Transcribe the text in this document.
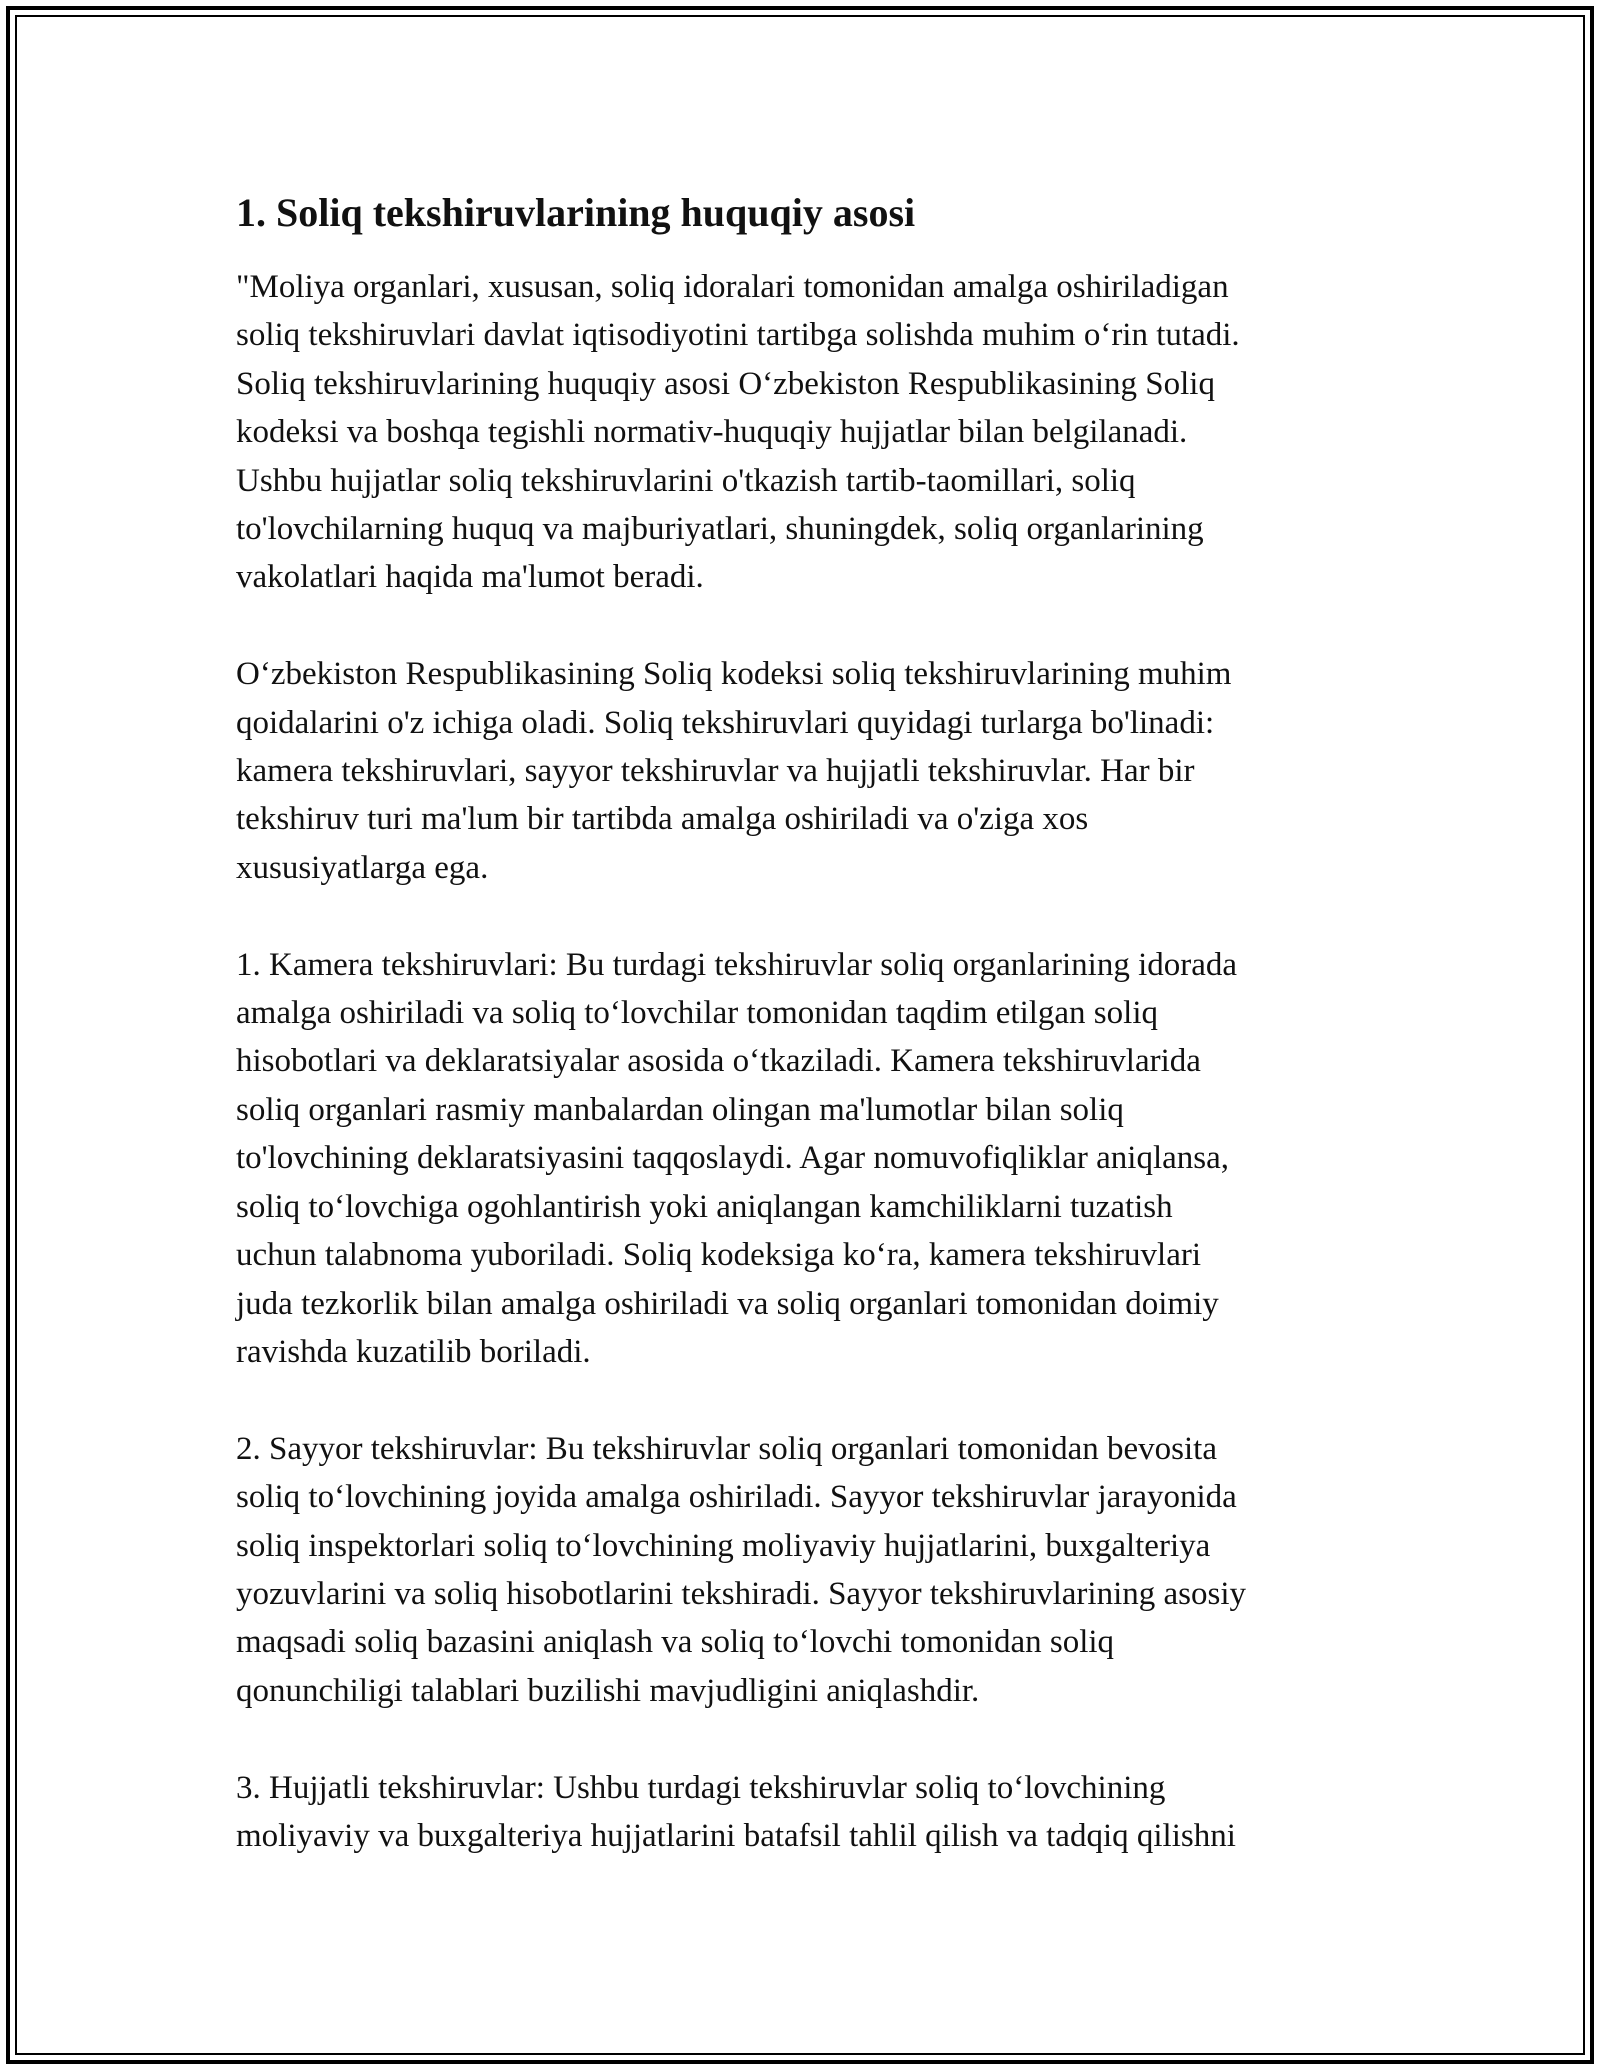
1. Soliq tekshiruvlarining huquqiy asosi

"Moliya organlari, xususan, soliq idoralari tomonidan amalga oshiriladigan
soliq tekshiruvlari davlat iqtisodiyotini tartibga solishda muhim o‘rin tutadi.
Soliq tekshiruvlarining huquqiy asosi O‘zbekiston Respublikasining Soliq
kodeksi va boshqa tegishli normativ-huquqiy hujjatlar bilan belgilanadi.
Ushbu hujjatlar soliq tekshiruvlarini o'tkazish tartib-taomillari, soliq
to'lovchilarning huquq va majburiyatlari, shuningdek, soliq organlarining
vakolatlari haqida ma'lumot beradi.

O‘zbekiston Respublikasining Soliq kodeksi soliq tekshiruvlarining muhim
qoidalarini o'z ichiga oladi. Soliq tekshiruvlari quyidagi turlarga bo'linadi:
kamera tekshiruvlari, sayyor tekshiruvlar va hujjatli tekshiruvlar. Har bir
tekshiruv turi ma'lum bir tartibda amalga oshiriladi va o'ziga xos
xususiyatlarga ega.

1. Kamera tekshiruvlari: Bu turdagi tekshiruvlar soliq organlarining idorada
amalga oshiriladi va soliq to‘lovchilar tomonidan taqdim etilgan soliq
hisobotlari va deklaratsiyalar asosida o‘tkaziladi. Kamera tekshiruvlarida
soliq organlari rasmiy manbalardan olingan ma'lumotlar bilan soliq
to'lovchining deklaratsiyasini taqqoslaydi. Agar nomuvofiqliklar aniqlansa,
soliq to‘lovchiga ogohlantirish yoki aniqlangan kamchiliklarni tuzatish
uchun talabnoma yuboriladi. Soliq kodeksiga ko‘ra, kamera tekshiruvlari
juda tezkorlik bilan amalga oshiriladi va soliq organlari tomonidan doimiy
ravishda kuzatilib boriladi.

2. Sayyor tekshiruvlar: Bu tekshiruvlar soliq organlari tomonidan bevosita
soliq to‘lovchining joyida amalga oshiriladi. Sayyor tekshiruvlar jarayonida
soliq inspektorlari soliq to‘lovchining moliyaviy hujjatlarini, buxgalteriya
yozuvlarini va soliq hisobotlarini tekshiradi. Sayyor tekshiruvlarining asosiy
maqsadi soliq bazasini aniqlash va soliq to‘lovchi tomonidan soliq
qonunchiligi talablari buzilishi mavjudligini aniqlashdir.

3. Hujjatli tekshiruvlar: Ushbu turdagi tekshiruvlar soliq to‘lovchining
moliyaviy va buxgalteriya hujjatlarini batafsil tahlil qilish va tadqiq qilishni
